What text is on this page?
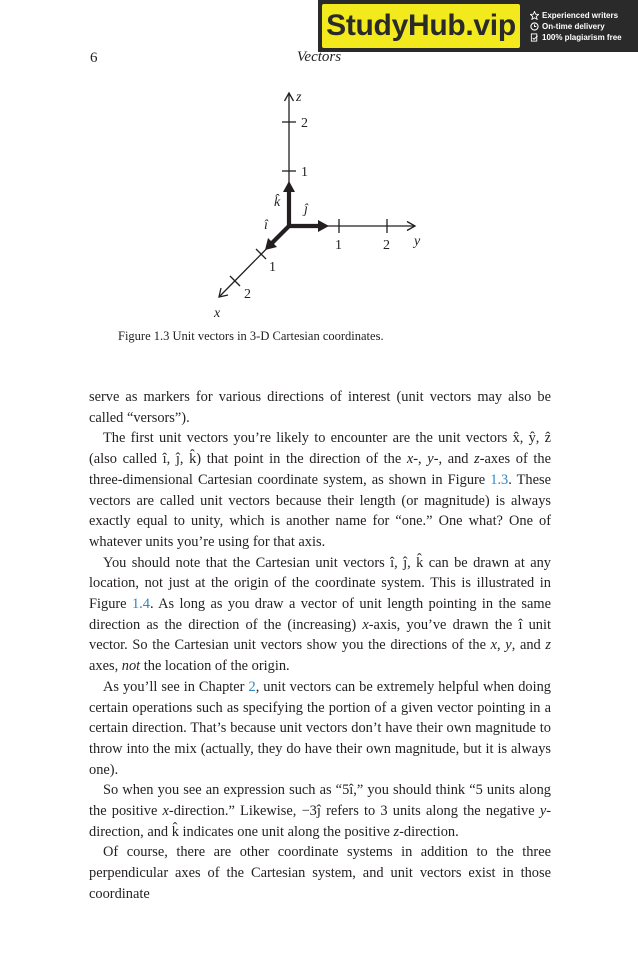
StudyHub.vip	Experienced writers
On-time delivery
100% plagiarism free
6	Vectors
z
2
1
k̂ ĵ
î
1	2 y
1
2
x
Figure 1.3 Unit vectors in 3-D Cartesian coordinates.

serve as markers for various directions of interest (unit vectors may also be called “versors”).

The first unit vectors you’re likely to encounter are the unit vectors x̂, ŷ, ẑ (also called î, ĵ, k̂) that point in the direction of the x-, y-, and z-axes of the three-dimensional Cartesian coordinate system, as shown in Figure 1.3. These vectors are called unit vectors because their length (or magnitude) is always exactly equal to unity, which is another name for “one.” One what? One of whatever units you’re using for that axis.

You should note that the Cartesian unit vectors î, ĵ, k̂ can be drawn at any location, not just at the origin of the coordinate system. This is illustrated in Figure 1.4. As long as you draw a vector of unit length pointing in the same direction as the direction of the (increasing) x-axis, you’ve drawn the î unit vector. So the Cartesian unit vectors show you the directions of the x, y, and z axes, not the location of the origin.

As you’ll see in Chapter 2, unit vectors can be extremely helpful when doing certain operations such as specifying the portion of a given vector pointing in a certain direction. That’s because unit vectors don’t have their own magnitude to throw into the mix (actually, they do have their own magnitude, but it is always one).

So when you see an expression such as “5î,” you should think “5 units along the positive x-direction.” Likewise, −3ĵ refers to 3 units along the negative y-direction, and k̂ indicates one unit along the positive z-direction.

Of course, there are other coordinate systems in addition to the three perpendicular axes of the Cartesian system, and unit vectors exist in those coordinate
